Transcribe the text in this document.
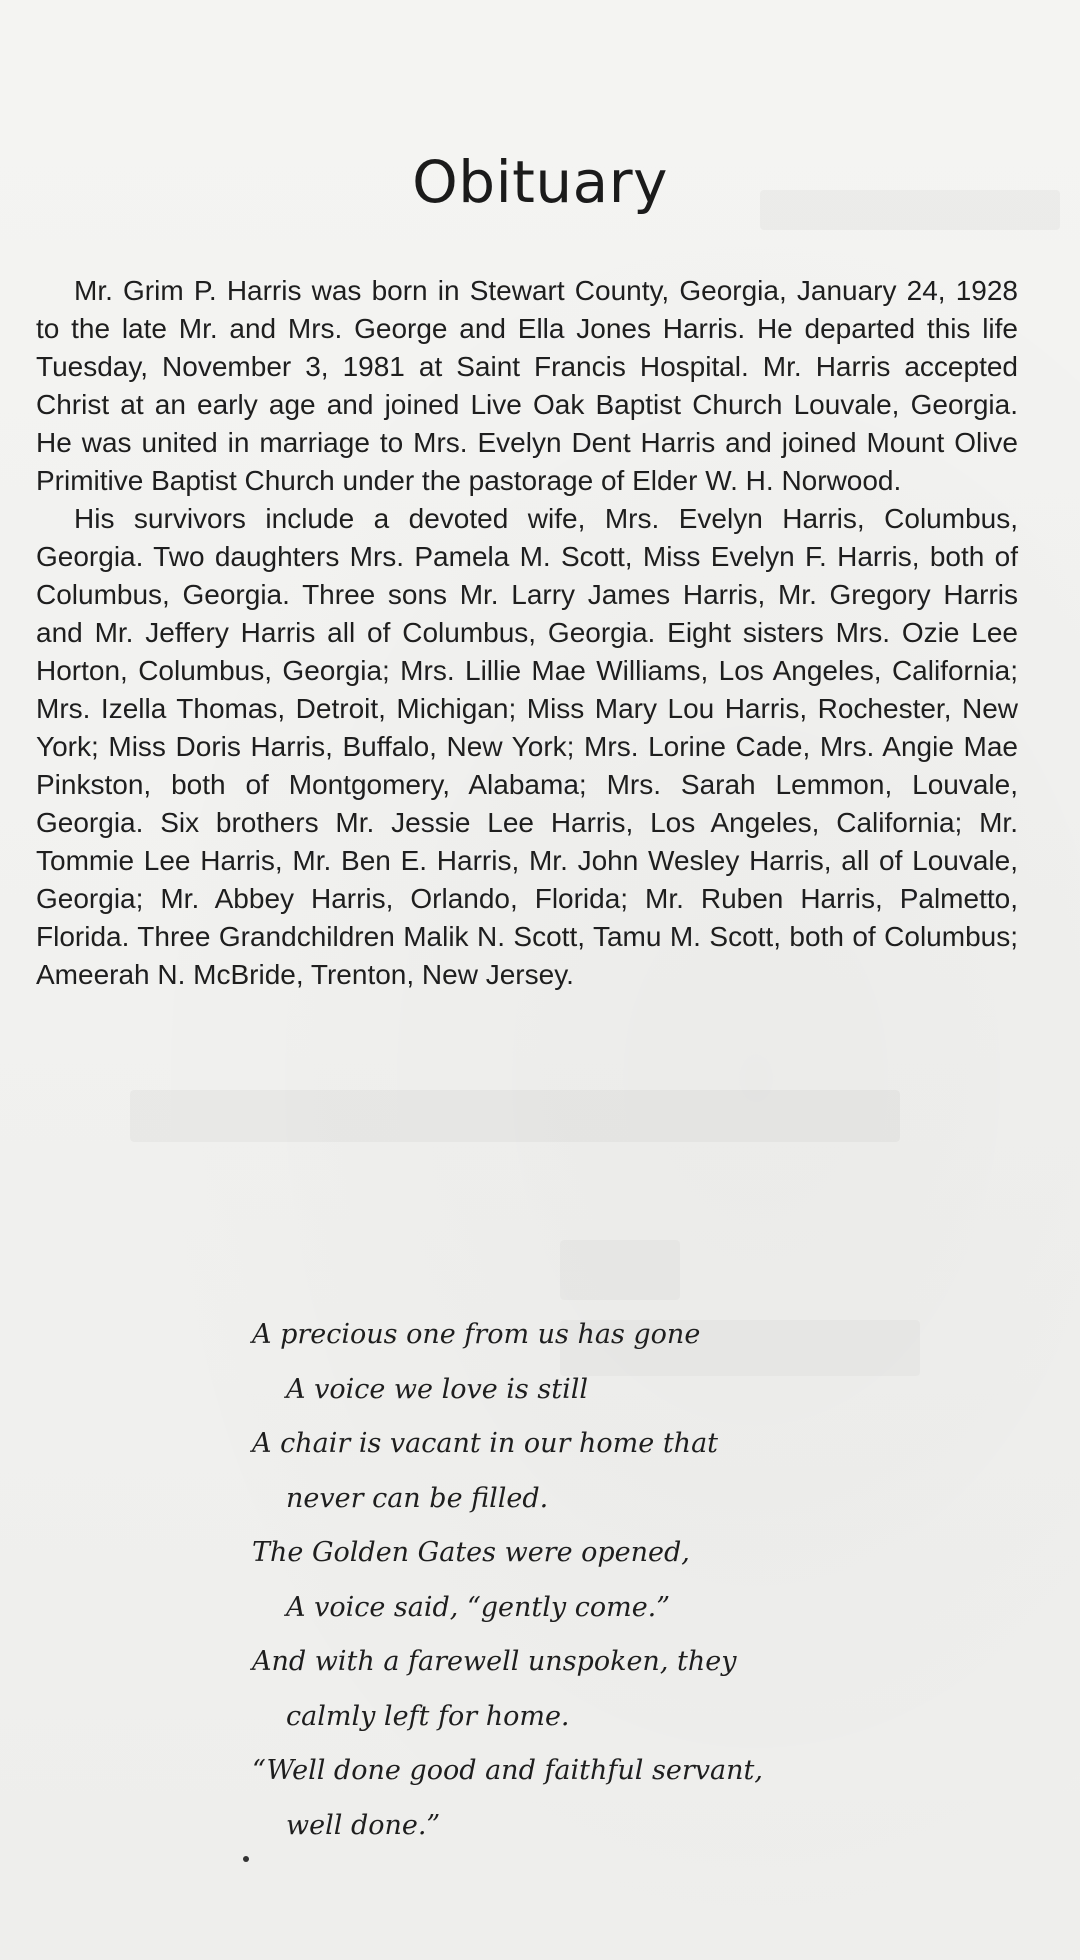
Obituary

Mr. Grim P. Harris was born in Stewart County, Georgia, January 24, 1928 to the late Mr. and Mrs. George and Ella Jones Harris. He departed this life Tuesday, November 3, 1981 at Saint Francis Hospital. Mr. Harris accepted Christ at an early age and joined Live Oak Baptist Church Louvale, Georgia. He was united in marriage to Mrs. Evelyn Dent Harris and joined Mount Olive Primitive Baptist Church under the pastorage of Elder W. H. Norwood.

His survivors include a devoted wife, Mrs. Evelyn Harris, Columbus, Georgia. Two daughters Mrs. Pamela M. Scott, Miss Evelyn F. Harris, both of Columbus, Georgia. Three sons Mr. Larry James Harris, Mr. Gregory Harris and Mr. Jeffery Harris all of Columbus, Georgia. Eight sisters Mrs. Ozie Lee Horton, Columbus, Georgia; Mrs. Lillie Mae Williams, Los Angeles, California; Mrs. Izella Thomas, Detroit, Michigan; Miss Mary Lou Harris, Rochester, New York; Miss Doris Harris, Buffalo, New York; Mrs. Lorine Cade, Mrs. Angie Mae Pinkston, both of Montgomery, Alabama; Mrs. Sarah Lemmon, Louvale, Georgia. Six brothers Mr. Jessie Lee Harris, Los Angeles, California; Mr. Tommie Lee Harris, Mr. Ben E. Harris, Mr. John Wesley Harris, all of Louvale, Georgia; Mr. Abbey Harris, Orlando, Florida; Mr. Ruben Harris, Palmetto, Florida. Three Grandchildren Malik N. Scott, Tamu M. Scott, both of Columbus; Ameerah N. McBride, Trenton, New Jersey.

A precious one from us has gone
A voice we love is still
A chair is vacant in our home that
never can be filled.
The Golden Gates were opened,
A voice said, “gently come.”
And with a farewell unspoken, they
calmly left for home.
“Well done good and faithful servant,
well done.”
